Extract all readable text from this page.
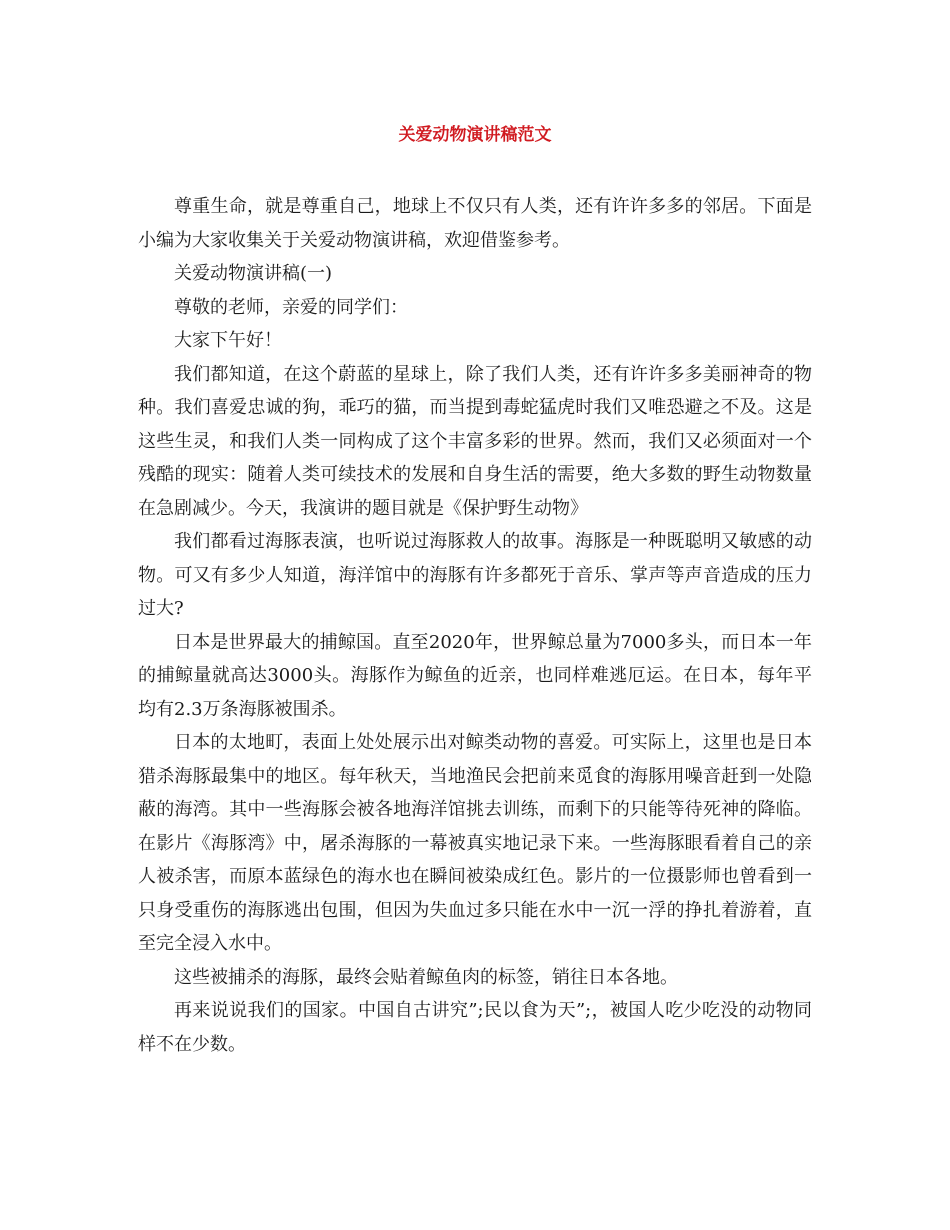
关爱动物演讲稿范文

尊重生命，就是尊重自己，地球上不仅只有人类，还有许许多多的邻居。下面是小编为大家收集关于关爱动物演讲稿，欢迎借鉴参考。

关爱动物演讲稿(一)

尊敬的老师，亲爱的同学们：

大家下午好！

我们都知道，在这个蔚蓝的星球上，除了我们人类，还有许许多多美丽神奇的物种。我们喜爱忠诚的狗，乖巧的猫，而当提到毒蛇猛虎时我们又唯恐避之不及。这是这些生灵，和我们人类一同构成了这个丰富多彩的世界。然而，我们又必须面对一个残酷的现实：随着人类可续技术的发展和自身生活的需要，绝大多数的野生动物数量在急剧减少。今天，我演讲的题目就是《保护野生动物》

我们都看过海豚表演，也听说过海豚救人的故事。海豚是一种既聪明又敏感的动物。可又有多少人知道，海洋馆中的海豚有许多都死于音乐、掌声等声音造成的压力过大?

日本是世界最大的捕鲸国。直至2020年，世界鲸总量为7000多头，而日本一年的捕鲸量就高达3000头。海豚作为鲸鱼的近亲，也同样难逃厄运。在日本，每年平均有2.3万条海豚被围杀。

日本的太地町，表面上处处展示出对鲸类动物的喜爱。可实际上，这里也是日本猎杀海豚最集中的地区。每年秋天，当地渔民会把前来觅食的海豚用噪音赶到一处隐蔽的海湾。其中一些海豚会被各地海洋馆挑去训练，而剩下的只能等待死神的降临。在影片《海豚湾》中，屠杀海豚的一幕被真实地记录下来。一些海豚眼看着自己的亲人被杀害，而原本蓝绿色的海水也在瞬间被染成红色。影片的一位摄影师也曾看到一只身受重伤的海豚逃出包围，但因为失血过多只能在水中一沉一浮的挣扎着游着，直至完全浸入水中。

这些被捕杀的海豚，最终会贴着鲸鱼肉的标签，销往日本各地。

再来说说我们的国家。中国自古讲究”;民以食为天”;，被国人吃少吃没的动物同样不在少数。
